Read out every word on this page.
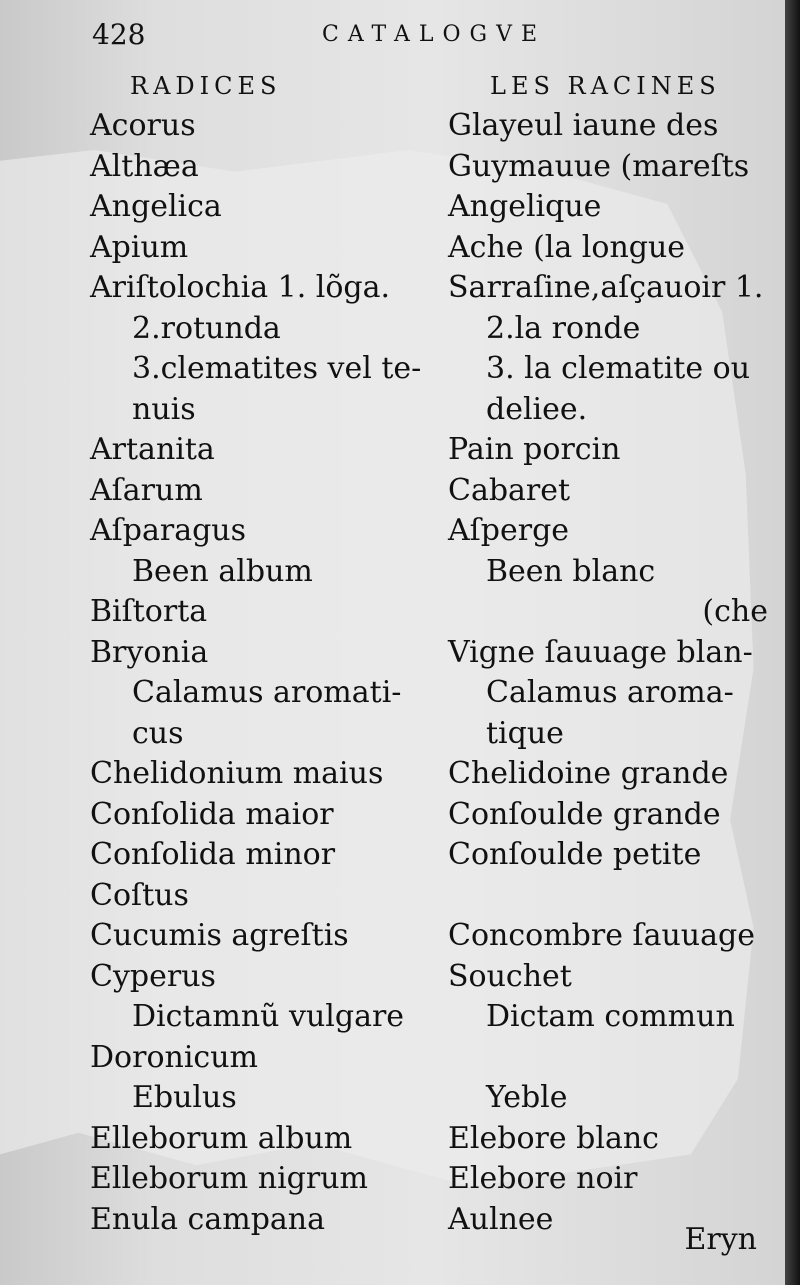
428	CATALOGVE
RADICES	LES RACINES
Acorus
Althæa
Angelica
Apium
Ariſtolochia 1. lõga.
2.rotunda
3.clematites vel te-
nuis
Artanita
Aſarum
Aſparagus
Been album
Biſtorta
Bryonia
Calamus aromati-
cus
Chelidonium maius
Conſolida maior
Conſolida minor
Coſtus
Cucumis agreſtis
Cyperus
Dictamnũ vulgare
Doronicum
Ebulus
Elleborum album
Elleborum nigrum
Enula campana
Glayeul iaune des
Guymauue (mareſts
Angelique
Ache (la longue
Sarraſine,aſçauoir 1.
2.la ronde
3. la clematite ou
deliee.
Pain porcin
Cabaret
Aſperge
Been blanc
(che
Vigne ſauuage blan-
Calamus aroma-
tique
Chelidoine grande
Conſoulde grande
Conſoulde petite
Concombre ſauuage
Souchet
Dictam commun
Yeble
Elebore blanc
Elebore noir
Aulnee
Eryn
